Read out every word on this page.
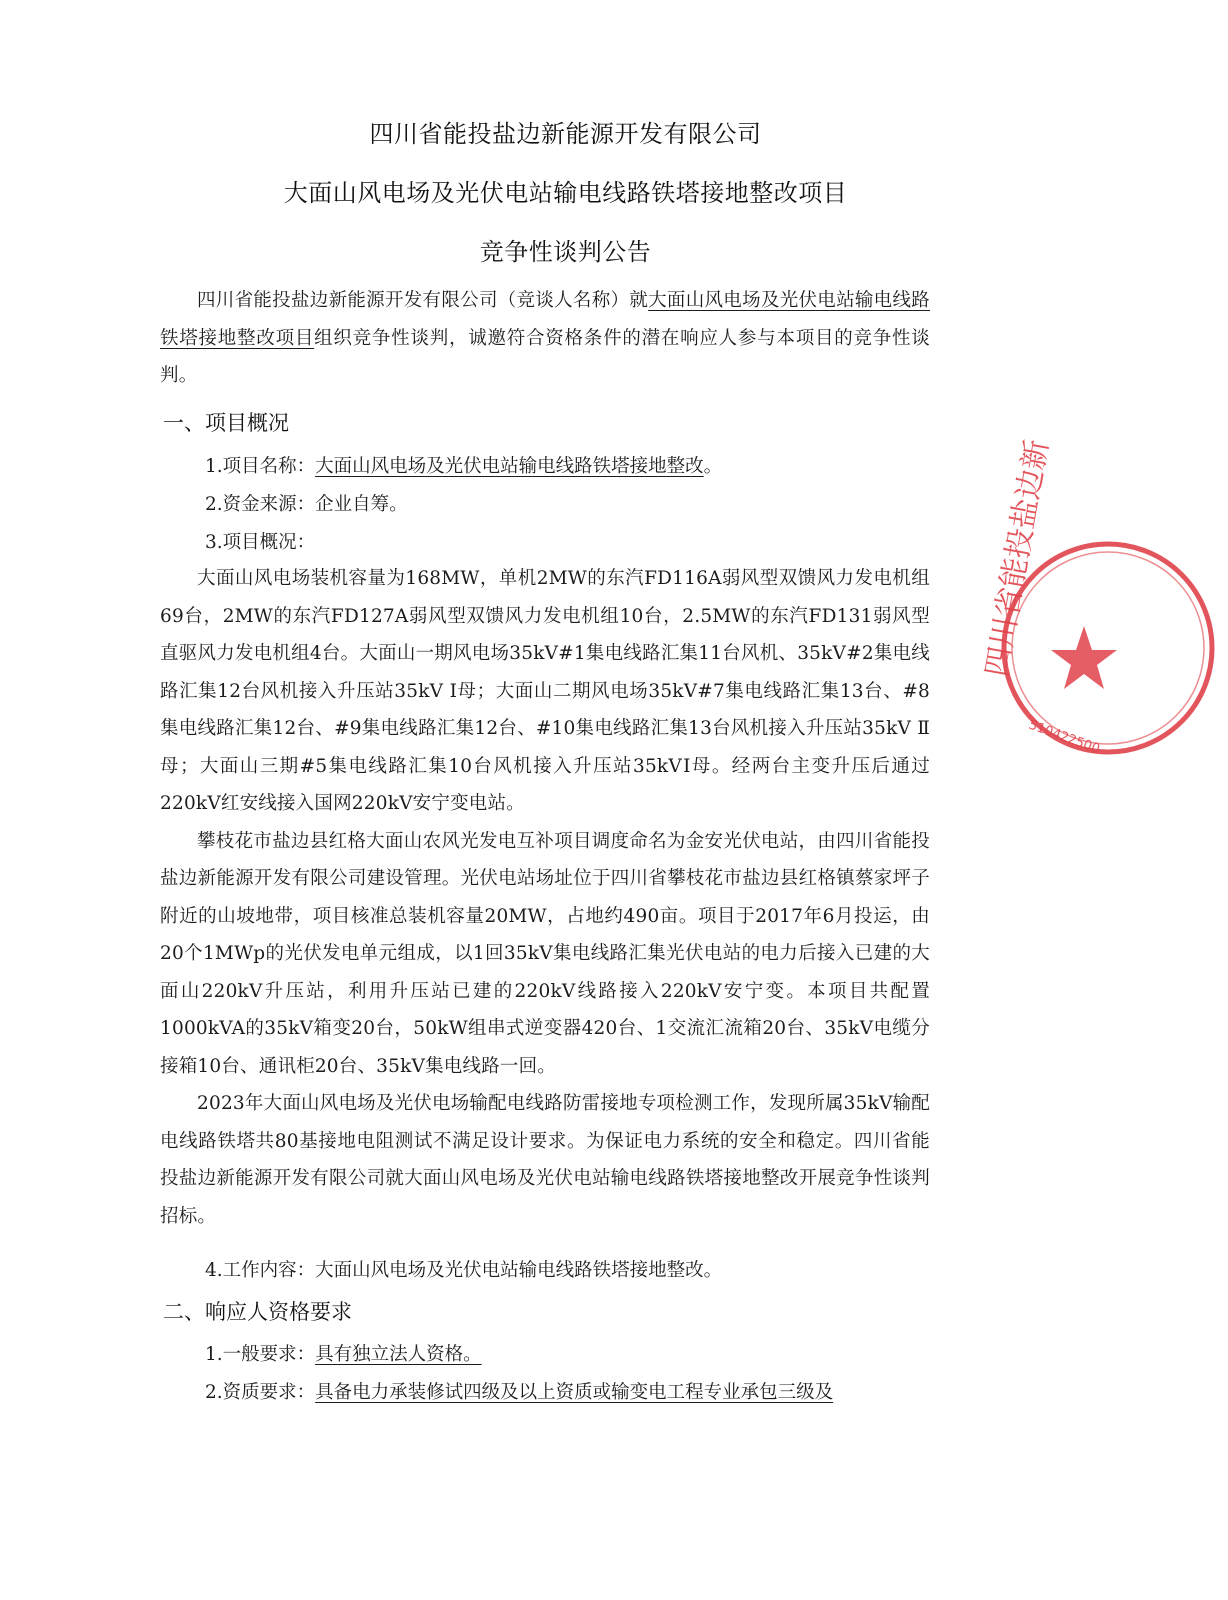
四川省能投盐边新能源开发有限公司
大面山风电场及光伏电站输电线路铁塔接地整改项目
竞争性谈判公告

四川省能投盐边新能源开发有限公司（竞谈人名称）就大面山风电场及光伏电站输电线路铁塔接地整改项目组织竞争性谈判，诚邀符合资格条件的潜在响应人参与本项目的竞争性谈判。

一、项目概况
1.项目名称：大面山风电场及光伏电站输电线路铁塔接地整改。
2.资金来源：企业自筹。
3.项目概况：

大面山风电场装机容量为168MW，单机2MW的东汽FD116A弱风型双馈风力发电机组69台，2MW的东汽FD127A弱风型双馈风力发电机组10台，2.5MW的东汽FD131弱风型直驱风力发电机组4台。大面山一期风电场35kV#1集电线路汇集11台风机、35kV#2集电线路汇集12台风机接入升压站35kV Ⅰ母；大面山二期风电场35kV#7集电线路汇集13台、#8集电线路汇集12台、#9集电线路汇集12台、#10集电线路汇集13台风机接入升压站35kV Ⅱ母；大面山三期#5集电线路汇集10台风机接入升压站35kVⅠ母。经两台主变升压后通过220kV红安线接入国网220kV安宁变电站。

攀枝花市盐边县红格大面山农风光发电互补项目调度命名为金安光伏电站，由四川省能投盐边新能源开发有限公司建设管理。光伏电站场址位于四川省攀枝花市盐边县红格镇蔡家坪子附近的山坡地带，项目核准总装机容量20MW，占地约490亩。项目于2017年6月投运，由20个1MWp的光伏发电单元组成，以1回35kV集电线路汇集光伏电站的电力后接入已建的大面山220kV升压站，利用升压站已建的220kV线路接入220kV安宁变。本项目共配置1000kVA的35kV箱变20台，50kW组串式逆变器420台、1交流汇流箱20台、35kV电缆分接箱10台、通讯柜20台、35kV集电线路一回。

2023年大面山风电场及光伏电场输配电线路防雷接地专项检测工作，发现所属35kV输配电线路铁塔共80基接地电阻测试不满足设计要求。为保证电力系统的安全和稳定。四川省能投盐边新能源开发有限公司就大面山风电场及光伏电站输电线路铁塔接地整改开展竞争性谈判招标。

4.工作内容：大面山风电场及光伏电站输电线路铁塔接地整改。
二、响应人资格要求
1.一般要求：具有独立法人资格。
2.资质要求：具备电力承装修试四级及以上资质或输变电工程专业承包三级及
四川省能投盐边新
510422500
